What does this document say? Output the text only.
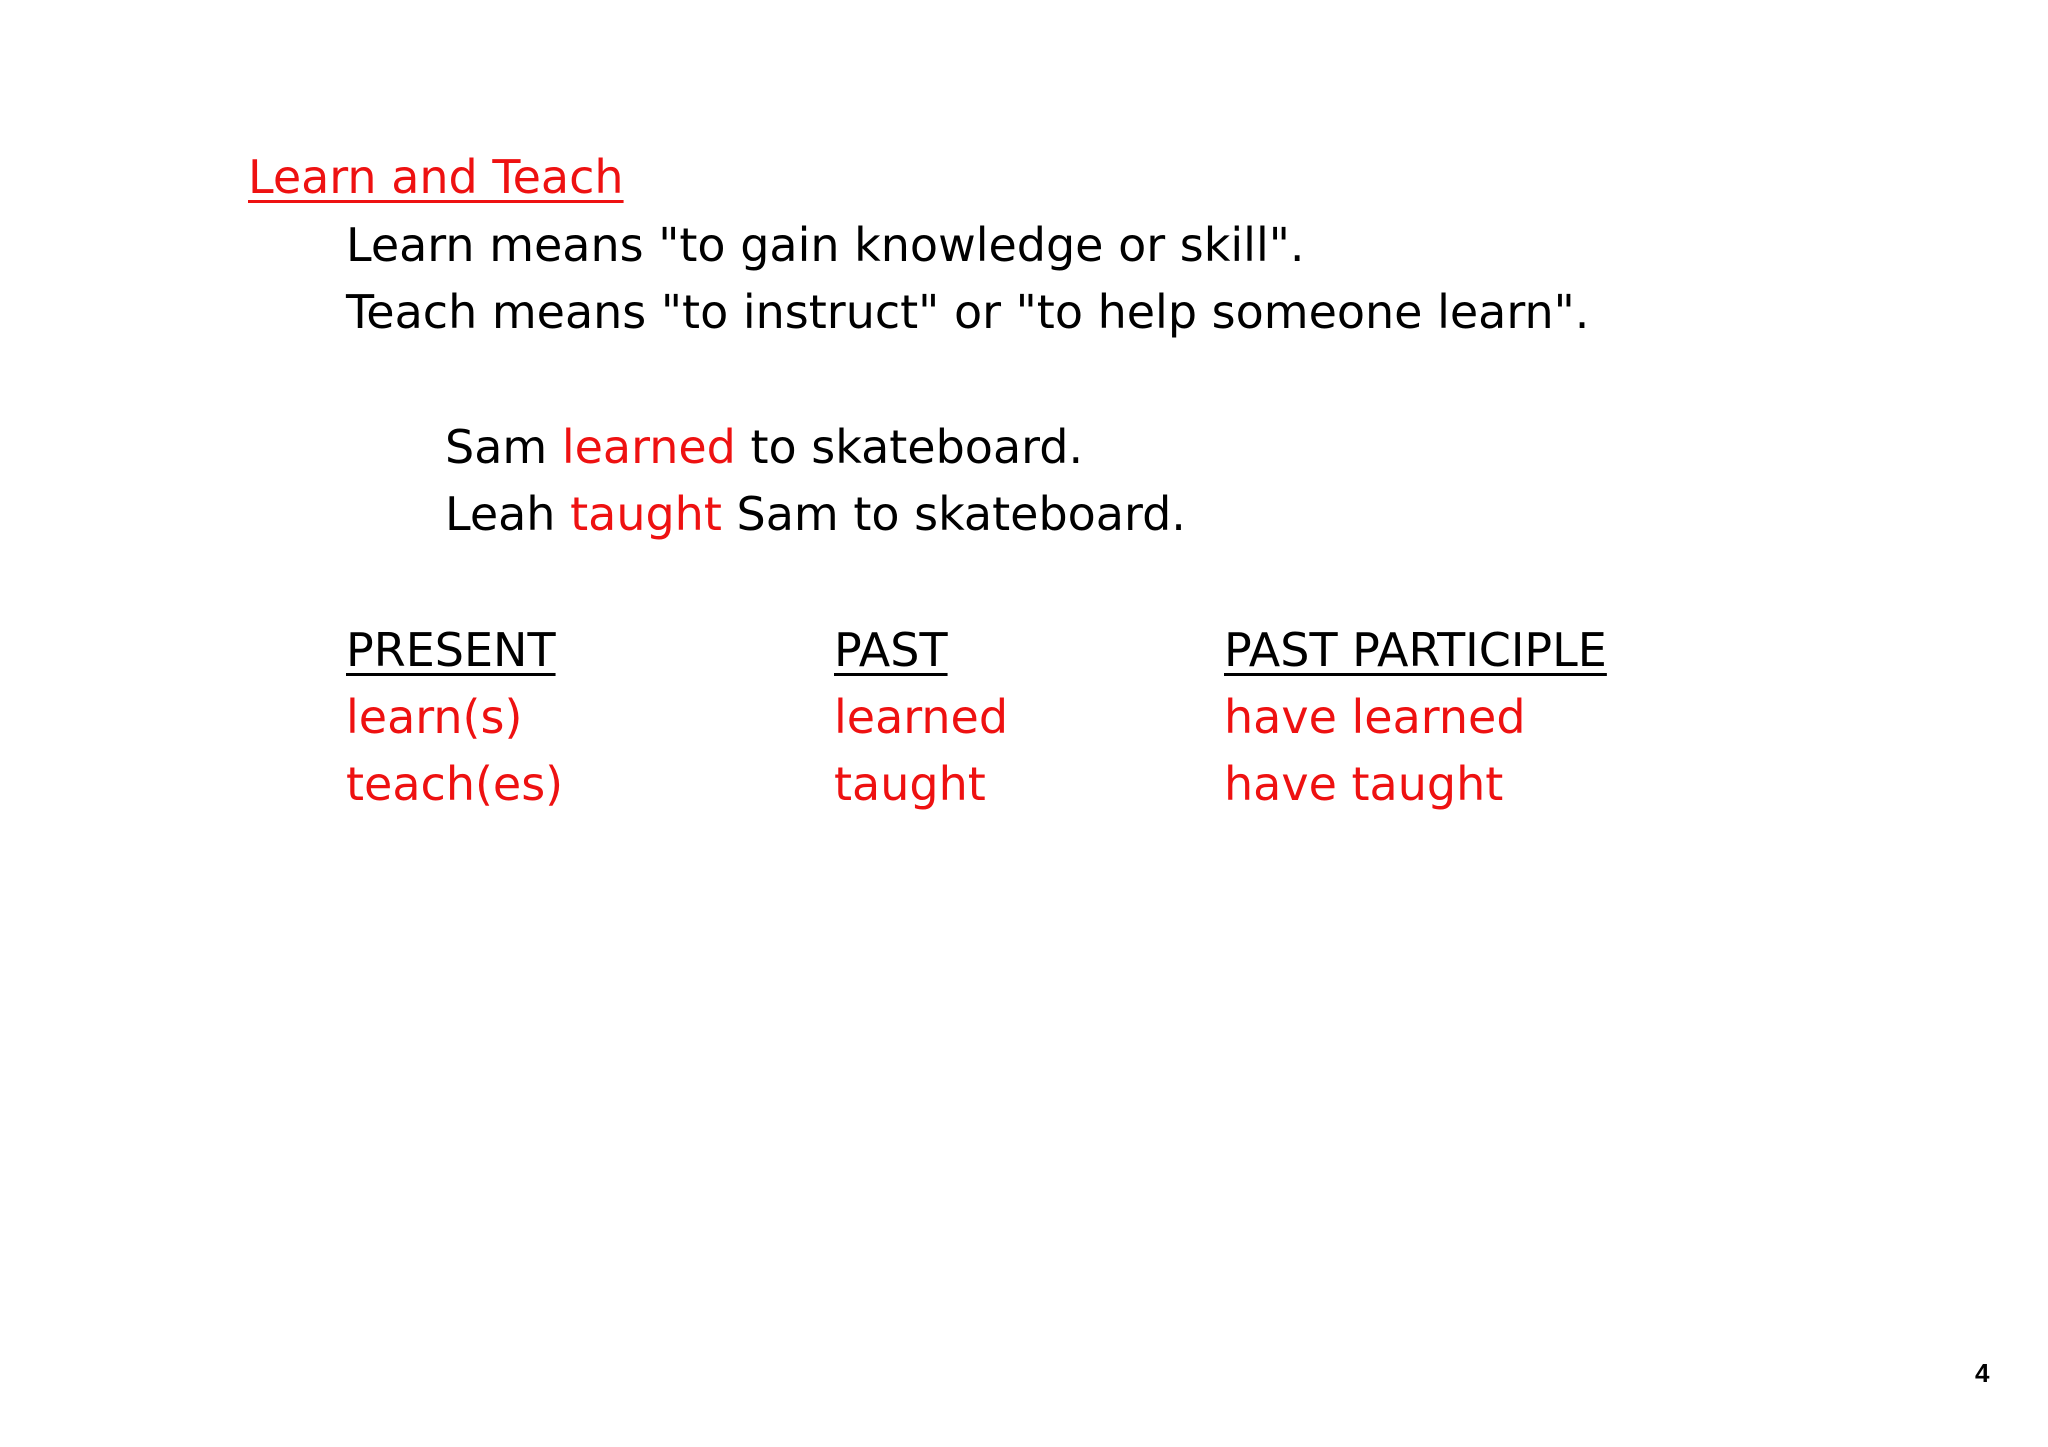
Learn and Teach
Learn means "to gain knowledge or skill".
Teach means "to instruct" or "to help someone learn".
Sam learned to skateboard.
Leah taught Sam to skateboard.
PRESENT	PAST	PAST PARTICIPLE
learn(s)	learned	have learned
teach(es)	taught	have taught
4
